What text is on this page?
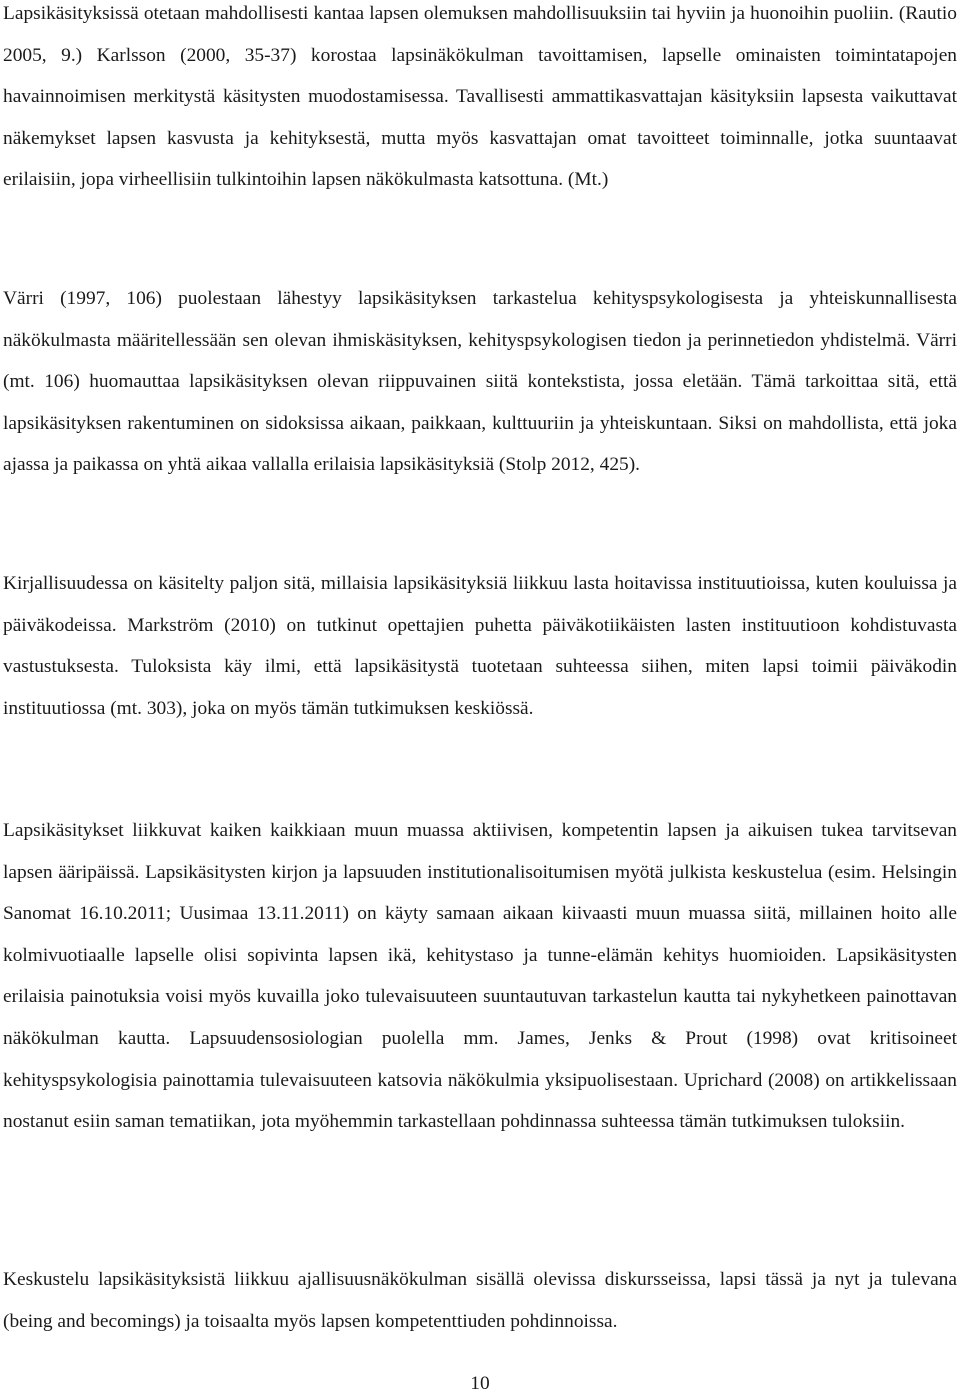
Lapsikäsityksissä otetaan mahdollisesti kantaa lapsen olemuksen mahdollisuuksiin tai hyviin ja huonoihin puoliin. (Rautio 2005, 9.) Karlsson (2000, 35-37) korostaa lapsinäkökulman tavoittamisen, lapselle ominaisten toimintatapojen havainnoimisen merkitystä käsitysten muodostamisessa. Tavallisesti ammattikasvattajan käsityksiin lapsesta vaikuttavat näkemykset lapsen kasvusta ja kehityksestä, mutta myös kasvattajan omat tavoitteet toiminnalle, jotka suuntaavat erilaisiin, jopa virheellisiin tulkintoihin lapsen näkökulmasta katsottuna. (Mt.)

Värri (1997, 106) puolestaan lähestyy lapsikäsityksen tarkastelua kehityspsykologisesta ja yhteiskunnallisesta näkökulmasta määritellessään sen olevan ihmiskäsityksen, kehityspsykologisen tiedon ja perinnetiedon yhdistelmä. Värri (mt. 106) huomauttaa lapsikäsityksen olevan riippuvainen siitä kontekstista, jossa eletään. Tämä tarkoittaa sitä, että lapsikäsityksen rakentuminen on sidoksissa aikaan, paikkaan, kulttuuriin ja yhteiskuntaan. Siksi on mahdollista, että joka ajassa ja paikassa on yhtä aikaa vallalla erilaisia lapsikäsityksiä (Stolp 2012, 425).

Kirjallisuudessa on käsitelty paljon sitä, millaisia lapsikäsityksiä liikkuu lasta hoitavissa instituutioissa, kuten kouluissa ja päiväkodeissa. Markström (2010) on tutkinut opettajien puhetta päiväkotiikäisten lasten instituutioon kohdistuvasta vastustuksesta. Tuloksista käy ilmi, että lapsikäsitystä tuotetaan suhteessa siihen, miten lapsi toimii päiväkodin instituutiossa (mt. 303), joka on myös tämän tutkimuksen keskiössä.

Lapsikäsitykset liikkuvat kaiken kaikkiaan muun muassa aktiivisen, kompetentin lapsen ja aikuisen tukea tarvitsevan lapsen ääripäissä. Lapsikäsitysten kirjon ja lapsuuden institutionalisoitumisen myötä julkista keskustelua (esim. Helsingin Sanomat 16.10.2011; Uusimaa 13.11.2011) on käyty samaan aikaan kiivaasti muun muassa siitä, millainen hoito alle kolmivuotiaalle lapselle olisi sopivinta lapsen ikä, kehitystaso ja tunne-elämän kehitys huomioiden. Lapsikäsitysten erilaisia painotuksia voisi myös kuvailla joko tulevaisuuteen suuntautuvan tarkastelun kautta tai nykyhetkeen painottavan näkökulman kautta. Lapsuudensosiologian puolella mm. James, Jenks & Prout (1998) ovat kritisoineet kehityspsykologisia painottamia tulevaisuuteen katsovia näkökulmia yksipuolisestaan. Uprichard (2008) on artikkelissaan nostanut esiin saman tematiikan, jota myöhemmin tarkastellaan pohdinnassa suhteessa tämän tutkimuksen tuloksiin.

Keskustelu lapsikäsityksistä liikkuu ajallisuusnäkökulman sisällä olevissa diskursseissa, lapsi tässä ja nyt ja tulevana (being and becomings) ja toisaalta myös lapsen kompetenttiuden pohdinnoissa.

10
